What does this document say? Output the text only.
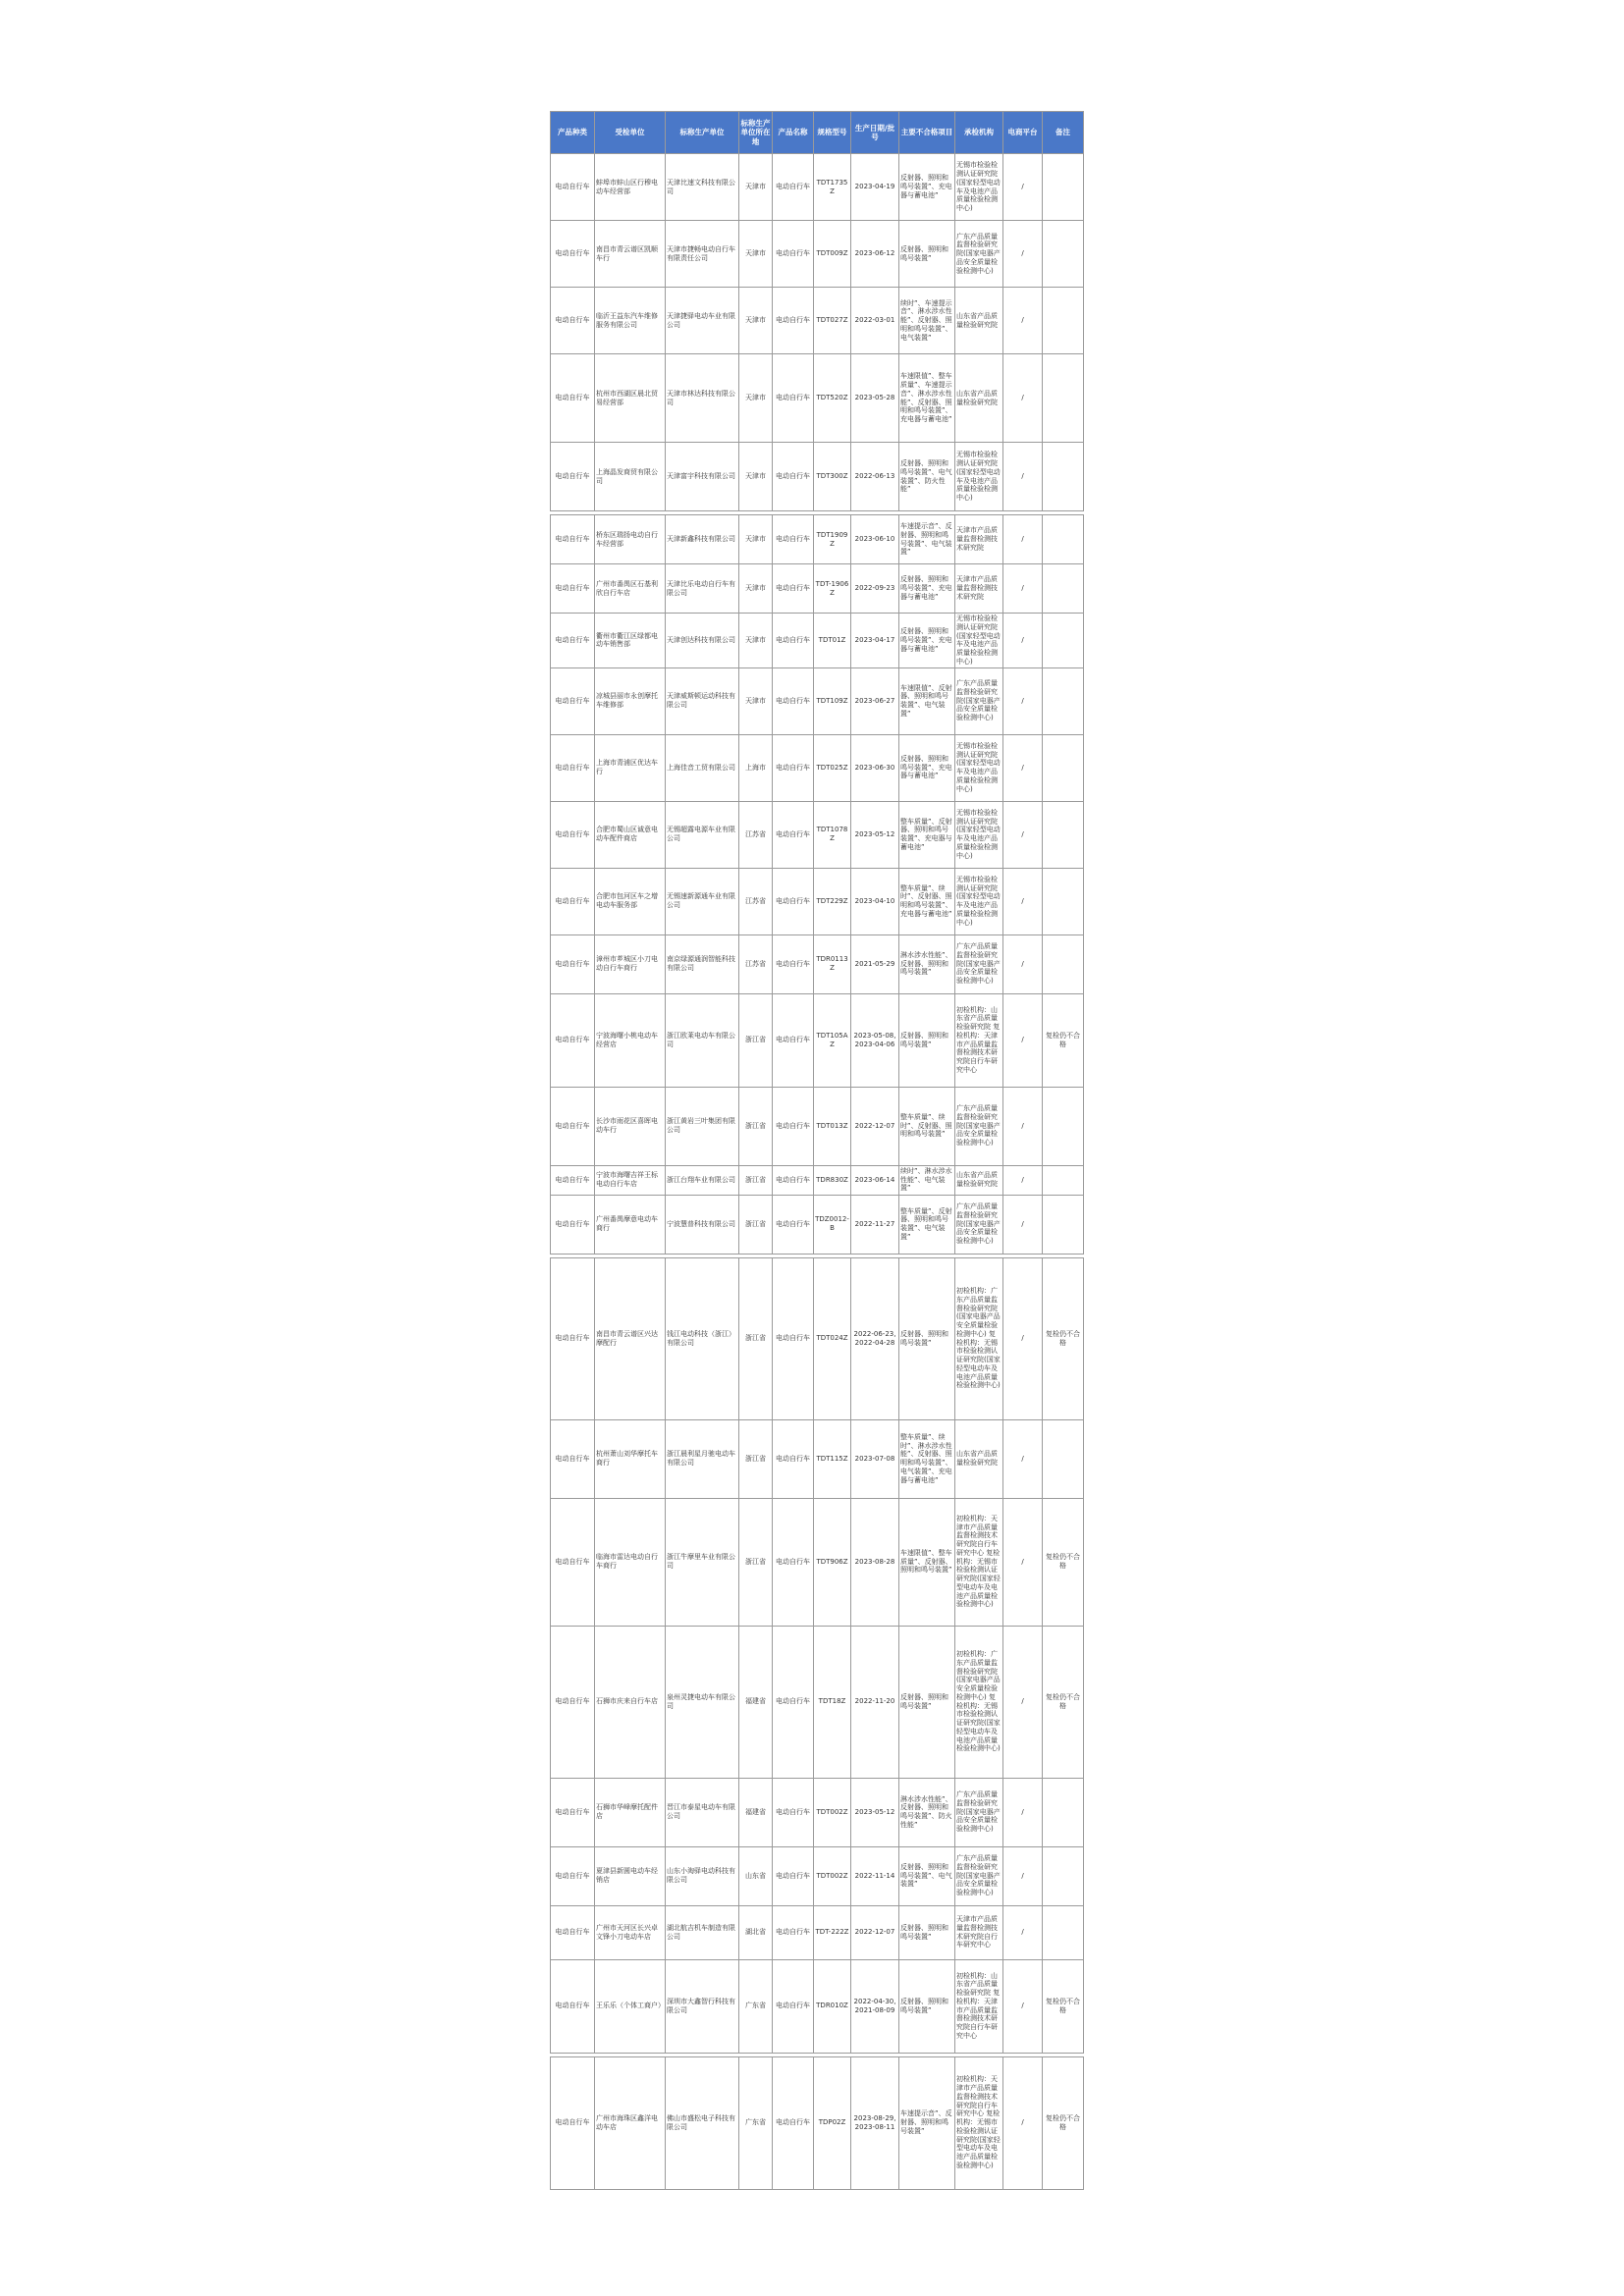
产品种类	受检单位	标称生产单位	标称生产单位所在地	产品名称	规格型号	生产日期/批号	主要不合格项目	承检机构	电商平台	备注
电动自行车	蚌埠市蚌山区行穆电动车经营部	天津比速文科技有限公司	天津市	电动自行车	TDT1735Z	2023-04-19	反射器、照明和鸣号装置”、充电器与蓄电池”	无锡市检验检测认证研究院(国家轻型电动车及电池产品质量检验检测中心)	/	
电动自行车	南昌市青云谱区凯顺车行	天津市捷畅电动自行车有限责任公司	天津市	电动自行车	TDT009Z	2023-06-12	反射器、照明和鸣号装置”	广东产品质量监督检验研究院(国家电器产品安全质量检验检测中心)	/	
电动自行车	临沂王益东汽车维修服务有限公司	天津捷驿电动车业有限公司	天津市	电动自行车	TDT027Z	2022-03-01	续时”、车速提示音”、淋水涉水性能”、反射器、照明和鸣号装置”、电气装置”	山东省产品质量检验研究院	/	
电动自行车	杭州市西湖区晨北贸易经营部	天津市林达科技有限公司	天津市	电动自行车	TDT520Z	2023-05-28	车速限值”、整车质量”、车速提示音”、淋水涉水性能”、反射器、照明和鸣号装置”、充电器与蓄电池”	山东省产品质量检验研究院	/	
电动自行车	上海晶发商贸有限公司	天津富宇科技有限公司	天津市	电动自行车	TDT300Z	2022-06-13	反射器、照明和鸣号装置”、电气装置”、防火性能”	无锡市检验检测认证研究院(国家轻型电动车及电池产品质量检验检测中心)	/	

电动自行车	桥东区瑞扬电动自行车经营部	天津新鑫科技有限公司	天津市	电动自行车	TDT1909Z	2023-06-10	车速提示音”、反射器、照明和鸣号装置”、电气装置”	天津市产品质量监督检测技术研究院	/	
电动自行车	广州市番禺区石基利欣自行车店	天津比乐电动自行车有限公司	天津市	电动自行车	TDT-1906Z	2022-09-23	反射器、照明和鸣号装置”、充电器与蓄电池”	天津市产品质量监督检测技术研究院	/	
电动自行车	衢州市衢江区绿都电动车销售部	天津创达科技有限公司	天津市	电动自行车	TDT01Z	2023-04-17	反射器、照明和鸣号装置”、充电器与蓄电池”	无锡市检验检测认证研究院(国家轻型电动车及电池产品质量检验检测中心)	/	
电动自行车	凉城县丽市永创摩托车维修部	天津威斯顿运动科技有限公司	天津市	电动自行车	TDT109Z	2023-06-27	车速限值”、反射器、照明和鸣号装置”、电气装置”	广东产品质量监督检验研究院(国家电器产品安全质量检验检测中心)	/	
电动自行车	上海市青浦区优达车行	上海佳音工贸有限公司	上海市	电动自行车	TDT025Z	2023-06-30	反射器、照明和鸣号装置”、充电器与蓄电池”	无锡市检验检测认证研究院(国家轻型电动车及电池产品质量检验检测中心)	/	
电动自行车	合肥市蜀山区诚意电动车配件商店	无锡超露电源车业有限公司	江苏省	电动自行车	TDT1078Z	2023-05-12	整车质量”、反射器、照明和鸣号装置”、充电器与蓄电池”	无锡市检验检测认证研究院(国家轻型电动车及电池产品质量检验检测中心)	/	
电动自行车	合肥市包河区车之增电动车服务部	无锡速新源通车业有限公司	江苏省	电动自行车	TDT229Z	2023-04-10	整车质量”、续时”、反射器、照明和鸣号装置”、充电器与蓄电池”	无锡市检验检测认证研究院(国家轻型电动车及电池产品质量检验检测中心)	/	
电动自行车	漳州市芗城区小刀电动自行车商行	南京绿源通润智能科技有限公司	江苏省	电动自行车	TDR0113Z	2021-05-29	淋水涉水性能”、反射器、照明和鸣号装置”	广东产品质量监督检验研究院(国家电器产品安全质量检验检测中心)	/	
电动自行车	宁波海曙小桃电动车经营店	浙江欧莱电动车有限公司	浙江省	电动自行车	TDT105AZ	2023-05-08,2023-04-06	反射器、照明和鸣号装置”	初检机构：山东省产品质量检验研究院 复检机构：天津市产品质量监督检测技术研究院自行车研究中心	/	复检仍不合格
电动自行车	长沙市雨花区喜晖电动车行	浙江黄岩三叶集团有限公司	浙江省	电动自行车	TDT013Z	2022-12-07	整车质量”、续时”、反射器、照明和鸣号装置”	广东产品质量监督检验研究院(国家电器产品安全质量检验检测中心)	/	
电动自行车	宁波市海曙吉祥王标电动自行车店	浙江台翔车业有限公司	浙江省	电动自行车	TDR830Z	2023-06-14	续时”、淋水涉水性能”、电气装置”	山东省产品质量检验研究院	/	
电动自行车	广州番禺摩意电动车商行	宁波慧普科技有限公司	浙江省	电动自行车	TDZ0012-B	2022-11-27	整车质量”、反射器、照明和鸣号装置”、电气装置”	广东产品质量监督检验研究院(国家电器产品安全质量检验检测中心)	/	

电动自行车	南昌市青云谱区兴达摩配行	钱江电动科技（浙江）有限公司	浙江省	电动自行车	TDT024Z	2022-06-23,2022-04-28	反射器、照明和鸣号装置”	初检机构：广东产品质量监督检验研究院(国家电器产品安全质量检验检测中心) 复检机构：无锡市检验检测认证研究院(国家轻型电动车及电池产品质量检验检测中心)	/	复检仍不合格
电动自行车	杭州萧山刘华摩托车商行	浙江晨利星月驰电动车有限公司	浙江省	电动自行车	TDT115Z	2023-07-08	整车质量”、续时”、淋水涉水性能”、反射器、照明和鸣号装置”、电气装置”、充电器与蓄电池”	山东省产品质量检验研究院	/	
电动自行车	临海市雷达电动自行车商行	浙江牛摩里车业有限公司	浙江省	电动自行车	TDT906Z	2023-08-28	车速限值”、整车质量”、反射器、照明和鸣号装置”	初检机构：天津市产品质量监督检测技术研究院自行车研究中心 复检机构：无锡市检验检测认证研究院(国家轻型电动车及电池产品质量检验检测中心)	/	复检仍不合格
电动自行车	石狮市庆来自行车店	泉州灵捷电动车有限公司	福建省	电动自行车	TDT18Z	2022-11-20	反射器、照明和鸣号装置”	初检机构：广东产品质量监督检验研究院(国家电器产品安全质量检验检测中心) 复检机构：无锡市检验检测认证研究院(国家轻型电动车及电池产品质量检验检测中心)	/	复检仍不合格
电动自行车	石狮市华峰摩托配件店	晋江市泰星电动车有限公司	福建省	电动自行车	TDT002Z	2023-05-12	淋水涉水性能”、反射器、照明和鸣号装置”、防火性能”	广东产品质量监督检验研究院(国家电器产品安全质量检验检测中心)	/	
电动自行车	夏津县新圆电动车经销店	山东小淘驿电动科技有限公司	山东省	电动自行车	TDT002Z	2022-11-14	反射器、照明和鸣号装置”、电气装置”	广东产品质量监督检验研究院(国家电器产品安全质量检验检测中心)	/	
电动自行车	广州市天河区长兴卓文锋小刀电动车店	湖北航吉机车制造有限公司	湖北省	电动自行车	TDT-222Z	2022-12-07	反射器、照明和鸣号装置”	天津市产品质量监督检测技术研究院自行车研究中心	/	
电动自行车	王乐乐（个体工商户）	深圳市大鑫智行科技有限公司	广东省	电动自行车	TDR010Z	2022-04-30,2021-08-09	反射器、照明和鸣号装置”	初检机构：山东省产品质量检验研究院 复检机构：天津市产品质量监督检测技术研究院自行车研究中心	/	复检仍不合格

电动自行车	广州市海珠区鑫洋电动车店	佛山市盛松电子科技有限公司	广东省	电动自行车	TDP02Z	2023-08-29,2023-08-11	车速提示音”、反射器、照明和鸣号装置”	初检机构：天津市产品质量监督检测技术研究院自行车研究中心 复检机构：无锡市检验检测认证研究院(国家轻型电动车及电池产品质量检验检测中心)	/	复检仍不合格
